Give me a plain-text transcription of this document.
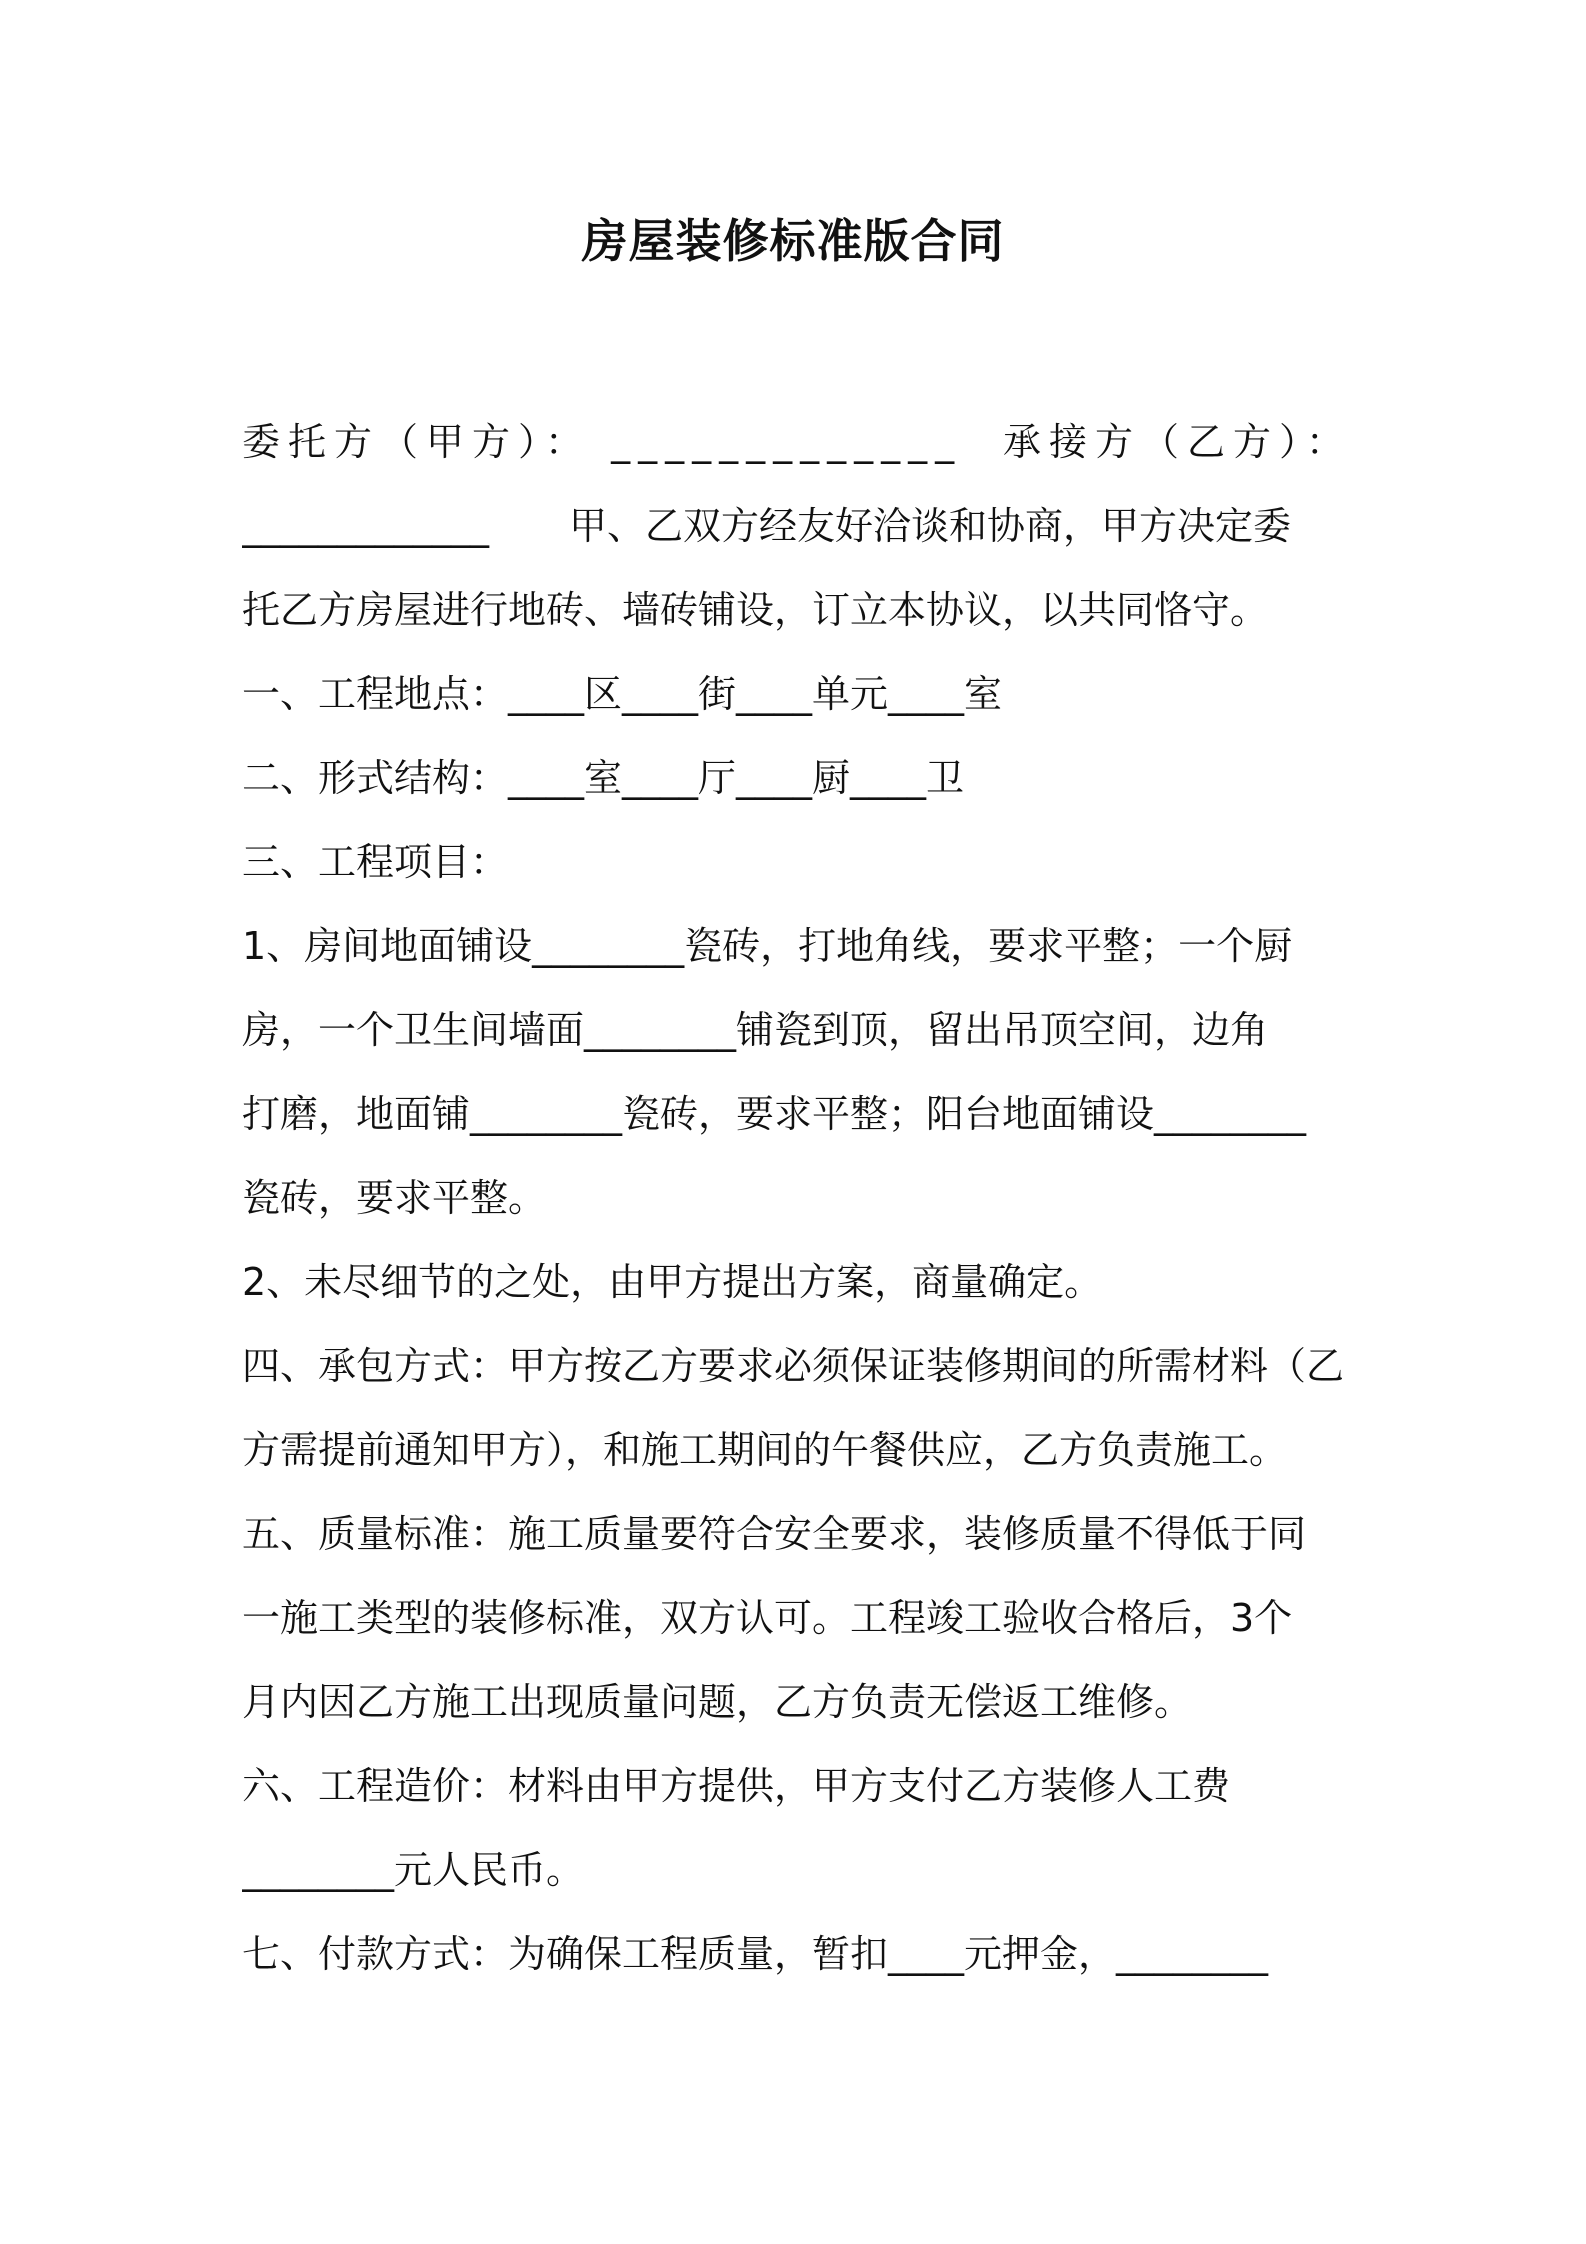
房屋装修标准版合同
委托方（甲方）： _____________ 承接方（乙方）：
_____________ 甲、乙双方经友好洽谈和协商，甲方决定委
托乙方房屋进行地砖、墙砖铺设，订立本协议，以共同恪守。
一、工程地点：____区____街____单元____室
二、形式结构：____室____厅____厨____卫
三、工程项目：
1、房间地面铺设________瓷砖，打地角线，要求平整；一个厨
房，一个卫生间墙面________铺瓷到顶，留出吊顶空间，边角
打磨，地面铺________瓷砖，要求平整；阳台地面铺设________
瓷砖，要求平整。
2、未尽细节的之处，由甲方提出方案，商量确定。
四、承包方式：甲方按乙方要求必须保证装修期间的所需材料（乙
方需提前通知甲方），和施工期间的午餐供应，乙方负责施工。
五、质量标准：施工质量要符合安全要求，装修质量不得低于同
一施工类型的装修标准，双方认可。工程竣工验收合格后，3个
月内因乙方施工出现质量问题，乙方负责无偿返工维修。
六、工程造价：材料由甲方提供，甲方支付乙方装修人工费
________元人民币。
七、付款方式：为确保工程质量，暂扣____元押金，________
